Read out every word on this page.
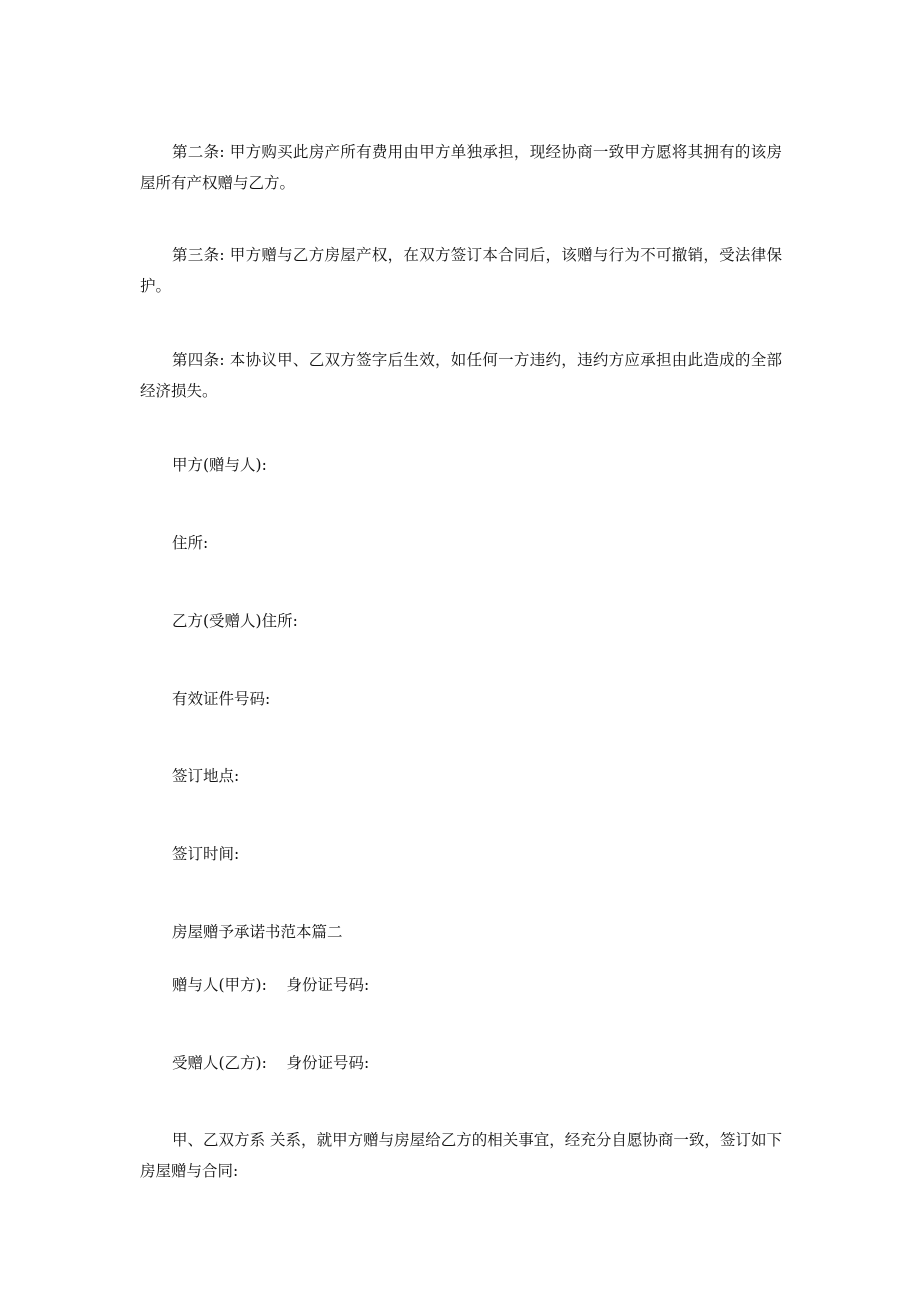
第二条: 甲方购买此房产所有费用由甲方单独承担，现经协商一致甲方愿将其拥有的该房屋所有产权赠与乙方。

第三条: 甲方赠与乙方房屋产权，在双方签订本合同后，该赠与行为不可撤销，受法律保护。

第四条: 本协议甲、乙双方签字后生效，如任何一方违约，违约方应承担由此造成的全部经济损失。

甲方(赠与人):

住所:

乙方(受赠人)住所:

有效证件号码:

签订地点:

签订时间:

房屋赠予承诺书范本篇二

赠与人(甲方):    身份证号码:

受赠人(乙方):    身份证号码:

甲、乙双方系 关系，就甲方赠与房屋给乙方的相关事宜，经充分自愿协商一致，签订如下房屋赠与合同:
